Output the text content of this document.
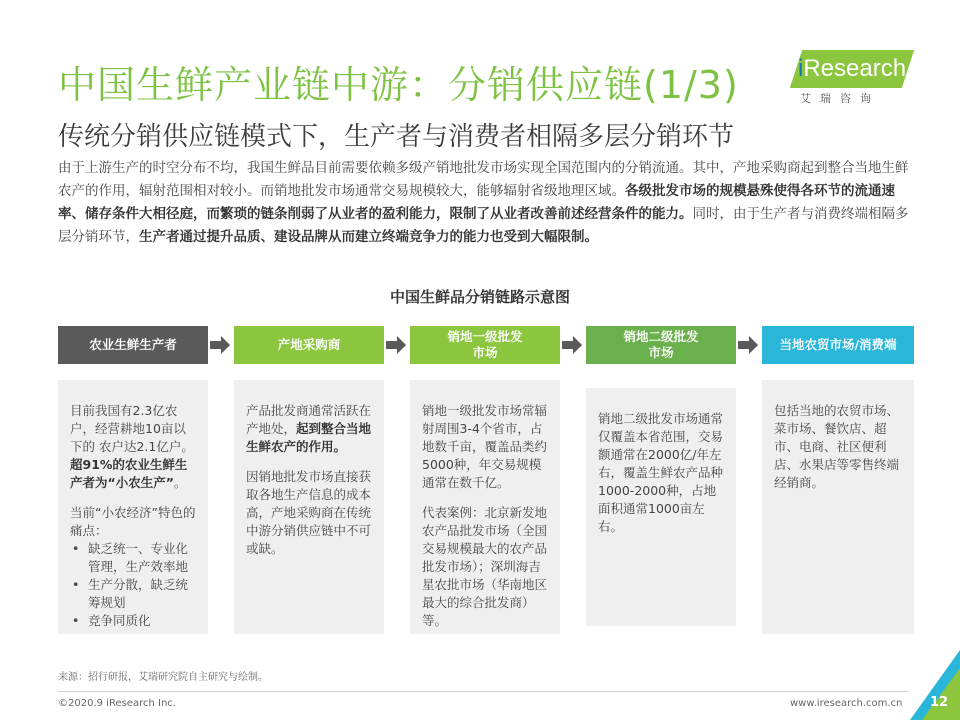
中国生鲜产业链中游：分销供应链(1/3) iResearch
艾瑞咨询
传统分销供应链模式下，生产者与消费者相隔多层分销环节
由于上游生产的时空分布不均，我国生鲜品目前需要依赖多级产销地批发市场实现全国范围内的分销流通。其中，产地采购商起到整合当地生鲜农产的作用，辐射范围相对较小。而销地批发市场通常交易规模较大，能够辐射省级地理区域。各级批发市场的规模悬殊使得各环节的流通速率、储存条件大相径庭，而繁琐的链条削弱了从业者的盈利能力，限制了从业者改善前述经营条件的能力。同时，由于生产者与消费终端相隔多层分销环节，生产者通过提升品质、建设品牌从而建立终端竞争力的能力也受到大幅限制。
中国生鲜品分销链路示意图
农业生鲜生产者	产地采购商
销地一级批发
市场
销地二级批发
市场
当地农贸市场/消费端

目前我国有2.3亿农户，经营耕地10亩以下的 农户达2.1亿户。超91%的农业生鲜生产者为“小农生产”。

当前“小农经济”特色的痛点：
• 缺乏统一、专业化管理，生产效率地
• 生产分散，缺乏统筹规划
• 竞争同质化

产品批发商通常活跃在产地处，起到整合当地生鲜农产的作用。

因销地批发市场直接获取各地生产信息的成本高，产地采购商在传统中游分销供应链中不可或缺。

销地一级批发市场常辐射周围3-4个省市，占地数千亩，覆盖品类约5000种，年交易规模通常在数千亿。

代表案例：北京新发地农产品批发市场（全国交易规模最大的农产品批发市场）；深圳海吉星农批市场（华南地区最大的综合批发商）等。

销地二级批发市场通常仅覆盖本省范围，交易额通常在2000亿/年左右，覆盖生鲜农产品种1000-2000种，占地面积通常1000亩左右。

包括当地的农贸市场、菜市场、餐饮店、超市、电商、社区便利店、水果店等零售终端经销商。

来源：招行研报，艾瑞研究院自主研究与绘制。
©2020.9 iResearch Inc.	www.iresearch.com.cn 12
